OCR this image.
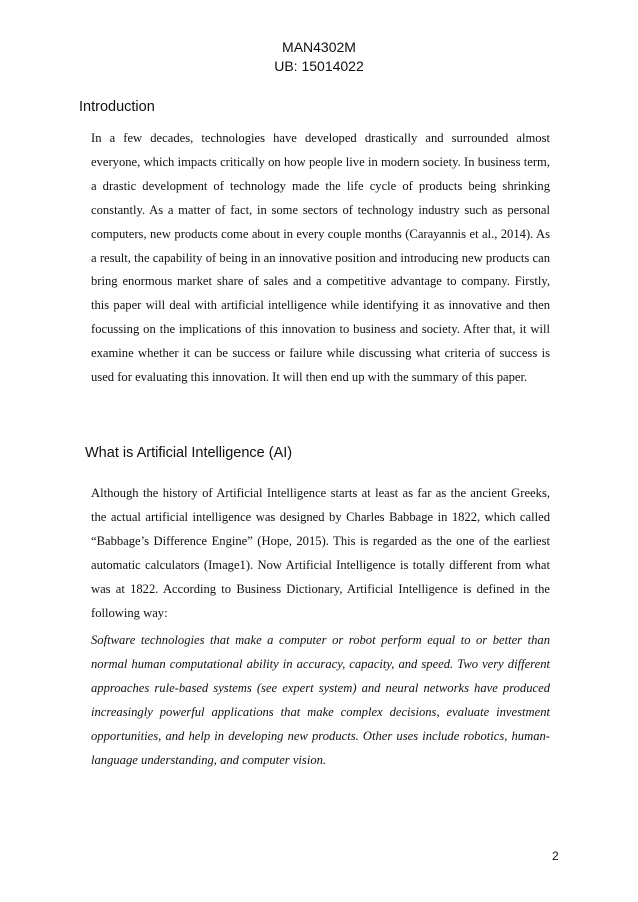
MAN4302M
UB: 15014022
Introduction

In a few decades, technologies have developed drastically and surrounded almost everyone, which impacts critically on how people live in modern society. In business term, a drastic development of technology made the life cycle of products being shrinking constantly. As a matter of fact, in some sectors of technology industry such as personal computers, new products come about in every couple months (Carayannis et al., 2014). As a result, the capability of being in an innovative position and introducing new products can bring enormous market share of sales and a competitive advantage to company. Firstly, this paper will deal with artificial intelligence while identifying it as innovative and then focussing on the implications of this innovation to business and society. After that, it will examine whether it can be success or failure while discussing what criteria of success is used for evaluating this innovation. It will then end up with the summary of this paper.

What is Artificial Intelligence (AI)

Although the history of Artificial Intelligence starts at least as far as the ancient Greeks, the actual artificial intelligence was designed by Charles Babbage in 1822, which called “Babbage’s Difference Engine” (Hope, 2015). This is regarded as the one of the earliest automatic calculators (Image1). Now Artificial Intelligence is totally different from what was at 1822. According to Business Dictionary, Artificial Intelligence is defined in the following way:

Software technologies that make a computer or robot perform equal to or better than normal human computational ability in accuracy, capacity, and speed. Two very different approaches rule-based systems (see expert system) and neural networks have produced increasingly powerful applications that make complex decisions, evaluate investment opportunities, and help in developing new products. Other uses include robotics, human-language understanding, and computer vision.

2
